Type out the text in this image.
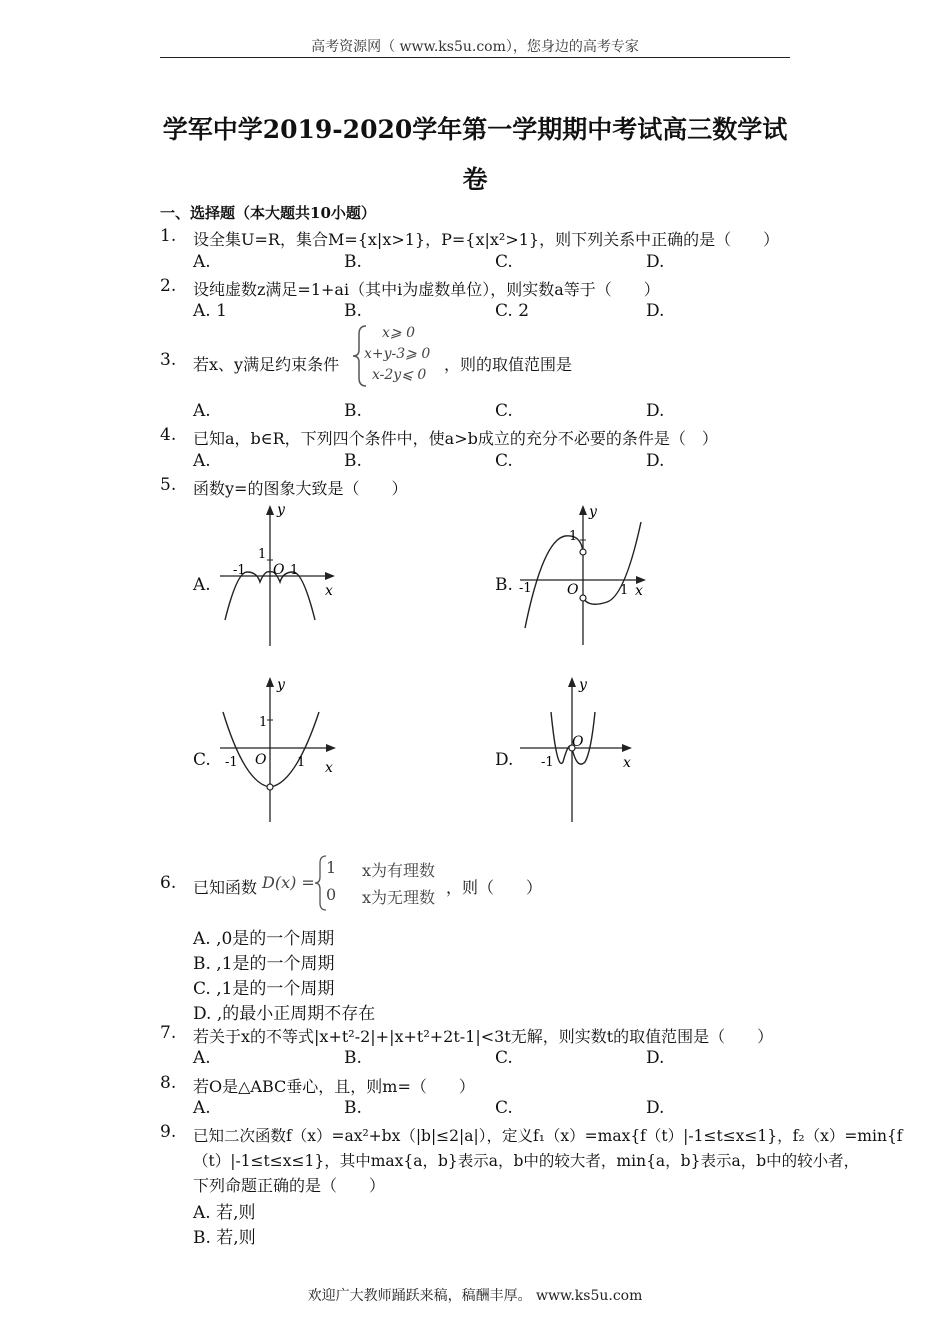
高考资源网（ www.ks5u.com），您身边的高考专家
学军中学2019-2020学年第一学期期中考试高三数学试
卷
一、选择题（本大题共10小题）
1. 设全集U=R，集合M={x|x>1}，P={x|x²>1}，则下列关系中正确的是（　　）
A.	B.	C.	D.
2. 设纯虚数z满足=1+ai（其中i为虚数单位），则实数a等于（　　）
A. 1	B.	C. 2	D.
3. 若x、y满足约束条件
x⩾ 0
x+y-3⩾ 0
x-2y⩽ 0
，则的取值范围是
A.	B.	C.	D.
4. 已知a，b∈R，下列四个条件中，使a>b成立的充分不必要的条件是（　）
A.	B.	C.	D.
5. 函数y=的图象大致是（　　）
A.
y
x
O
1
1
-1
B.
y
x
O
1
1
-1
C.
y
x
O
1
1
-1	D.
y
x
O
-1
6. 已知函数 D(x) =
1 x为有理数
0 x为无理数
，则（　　）
A. ,0是的一个周期
B. ,1是的一个周期
C. ,1是的一个周期
D. ,的最小正周期不存在
7. 若关于x的不等式|x+t²-2|+|x+t²+2t-1|<3t无解，则实数t的取值范围是（　　）
A.	B.	C.	D.
8. 若O是△ABC垂心，且，则m=（　　）
A.	B.	C.	D.
9. 已知二次函数f（x）=ax²+bx（|b|≤2|a|），定义f₁（x）=max{f（t）|-1≤t≤x≤1}，f₂（x）=min{f
（t）|-1≤t≤x≤1}，其中max{a，b}表示a，b中的较大者，min{a，b}表示a，b中的较小者，
下列命题正确的是（　　）
A. 若,则
B. 若,则
欢迎广大教师踊跃来稿，稿酬丰厚。 www.ks5u.com
